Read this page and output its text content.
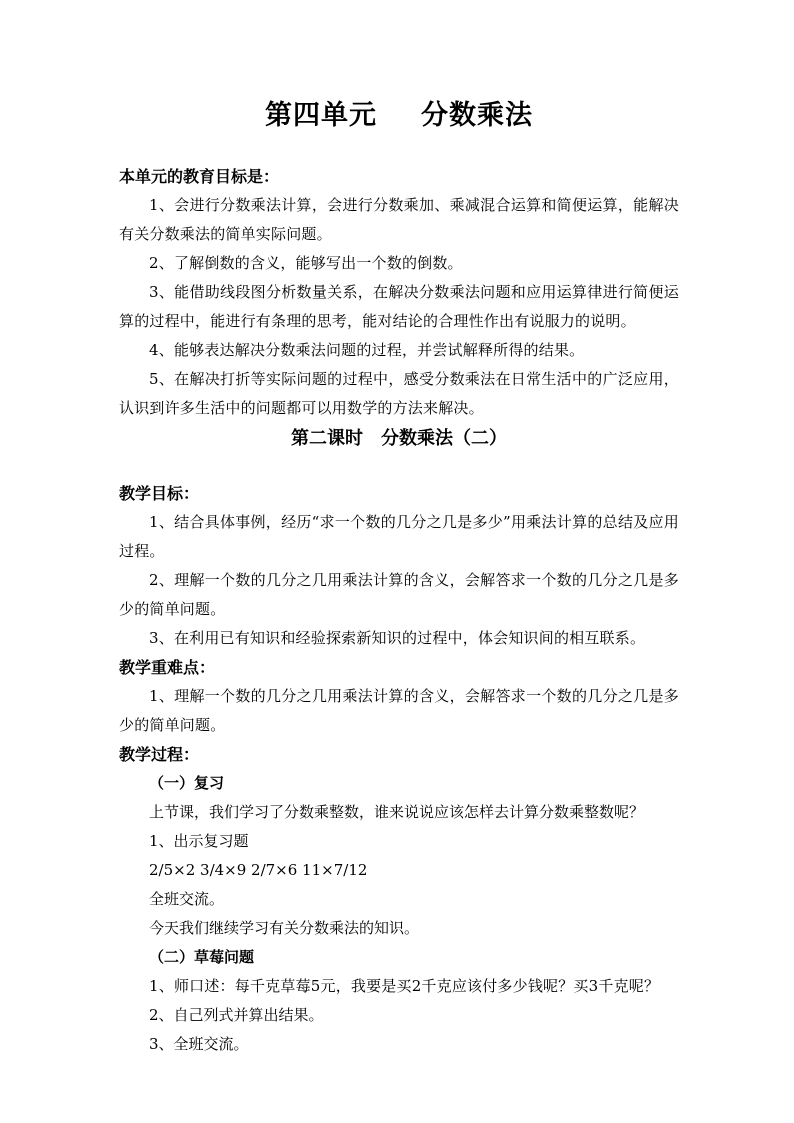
第四单元 分数乘法

本单元的教育目标是：

1、会进行分数乘法计算，会进行分数乘加、乘减混合运算和简便运算，能解决有关分数乘法的简单实际问题。

2、了解倒数的含义，能够写出一个数的倒数。

3、能借助线段图分析数量关系，在解决分数乘法问题和应用运算律进行简便运算的过程中，能进行有条理的思考，能对结论的合理性作出有说服力的说明。

4、能够表达解决分数乘法问题的过程，并尝试解释所得的结果。

5、在解决打折等实际问题的过程中，感受分数乘法在日常生活中的广泛应用，认识到许多生活中的问题都可以用数学的方法来解决。

第二课时　分数乘法（二）

教学目标：

1、结合具体事例，经历“求一个数的几分之几是多少”用乘法计算的总结及应用过程。

2、理解一个数的几分之几用乘法计算的含义，会解答求一个数的几分之几是多少的简单问题。

3、在利用已有知识和经验探索新知识的过程中，体会知识间的相互联系。

教学重难点：

1、理解一个数的几分之几用乘法计算的含义，会解答求一个数的几分之几是多少的简单问题。

教学过程：

（一）复习

上节课，我们学习了分数乘整数，谁来说说应该怎样去计算分数乘整数呢？

1、出示复习题

2/5×2 3/4×9 2/7×6 11×7/12

全班交流。

今天我们继续学习有关分数乘法的知识。

（二）草莓问题

1、师口述：每千克草莓5元，我要是买2千克应该付多少钱呢？买3千克呢？

2、自己列式并算出结果。

3、全班交流。
